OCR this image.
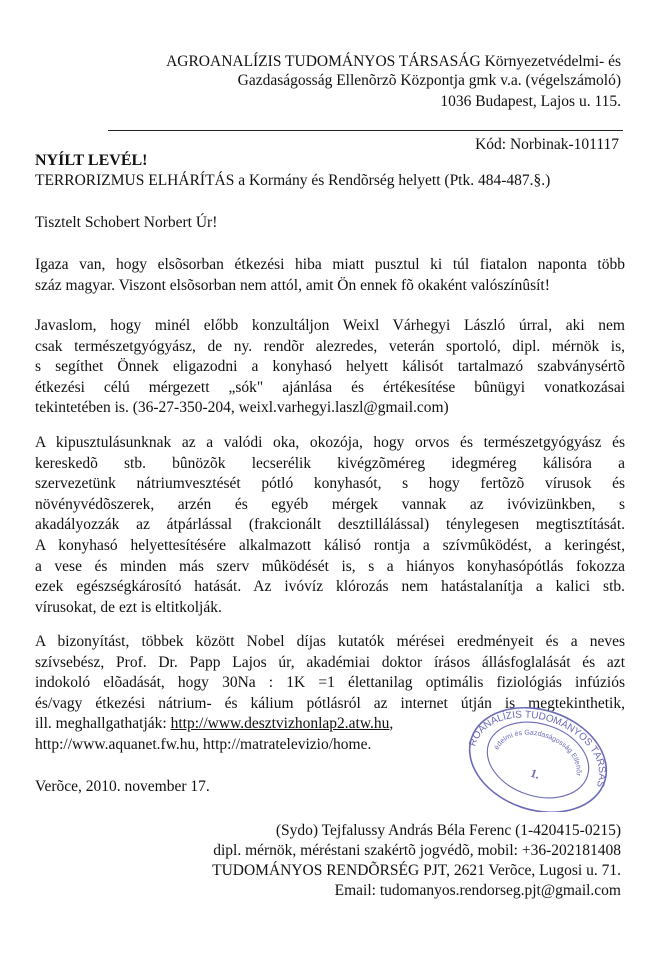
AGROANALÍZIS TUDOMÁNYOS TÁRSASÁG Környezetvédelmi- és
Gazdaságosság Ellenõrzõ Központja gmk v.a. (végelszámoló)
1036 Budapest, Lajos u. 115.
Kód: Norbinak-101117
NYÍLT LEVÉL!
TERRORIZMUS ELHÁRÍTÁS a Kormány és Rendõrség helyett (Ptk. 484-487.§.)
Tisztelt Schobert Norbert Úr!
Igaza van, hogy elsõsorban étkezési hiba miatt pusztul ki túl fiatalon naponta több
száz magyar. Viszont elsõsorban nem attól, amit Ön ennek fõ okaként valószínûsít!
Javaslom, hogy minél előbb konzultáljon Weixl Várhegyi László úrral, aki nem
csak természetgyógyász, de ny. rendõr alezredes, veterán sportoló, dipl. mérnök is,
s segíthet Önnek eligazodni a konyhasó helyett kálisót tartalmazó szabványsértõ
étkezési célú mérgezett „sók" ajánlása és értékesítése bûnügyi vonatkozásai
tekintetében is. (36-27-350-204, weixl.varhegyi.laszl@gmail.com)
A kipusztulásunknak az a valódi oka, okozója, hogy orvos és természetgyógyász és
kereskedõ stb. bûnözõk lecserélik kivégzõméreg idegméreg kálisóra a
szervezetünk nátriumvesztését pótló konyhasót, s hogy fertõzõ vírusok és
növényvédõszerek, arzén és egyéb mérgek vannak az ivóvizünkben, s
akadályozzák az átpárlással (frakcionált desztillálással) ténylegesen megtisztítását.
A konyhasó helyettesítésére alkalmazott kálisó rontja a szívmûködést, a keringést,
a vese és minden más szerv mûködését is, s a hiányos konyhasópótlás fokozza
ezek egészségkárosító hatását. Az ivóvíz klórozás nem hatástalanítja a kalici stb.
vírusokat, de ezt is eltitkolják.
A bizonyítást, többek között Nobel díjas kutatók mérései eredményeit és a neves
szívsebész, Prof. Dr. Papp Lajos úr, akadémiai doktor írásos állásfoglalását és azt
indokoló elõadását, hogy 30Na : 1K =1 élettanilag optimális fiziológiás infúziós
és/vagy étkezési nátrium- és kálium pótlásról az internet útján is megtekinthetik,
ill. meghallgathatják: http://www.desztvizhonlap2.atw.hu,
http://www.aquanet.fw.hu, http://matratelevizio/home.
Verõce, 2010. november 17.
AGROANALÍZIS TUDOMÁNYOS TÁRSASÁG
Környezetvédelmi és Gazdaságosság Ellenõrzõ
1.
(Sydo) Tejfalussy András Béla Ferenc (1-420415-0215)
dipl. mérnök, méréstani szakértõ jogvédõ, mobil: +36-202181408
TUDOMÁNYOS RENDÕRSÉG PJT, 2621 Verõce, Lugosi u. 71.
Email: tudomanyos.rendorseg.pjt@gmail.com
